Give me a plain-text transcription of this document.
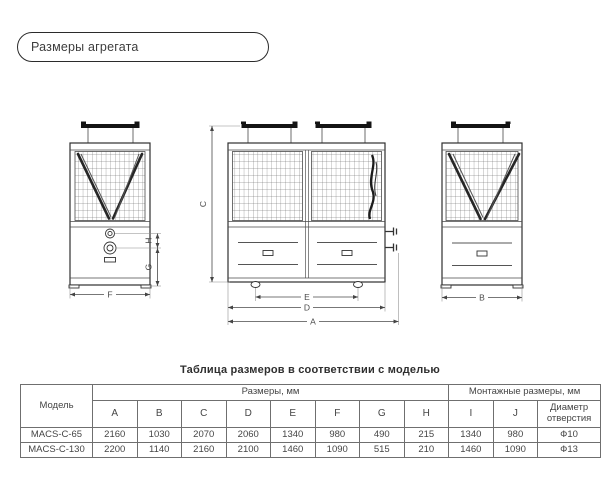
Размеры агрегата
H
G
F
C
E
D
A
B
Таблица размеров в соответствии с моделью
Модель	Размеры, мм								Монтажные размеры, мм		
	A	B	C	D	E	F	G	H	I	J	Диаметр отверстия
MACS-C-65	2160	1030	2070	2060	1340	980	490	215	1340	980	Ф10
MACS-C-130	2200	1140	2160	2100	1460	1090	515	210	1460	1090	Ф13
